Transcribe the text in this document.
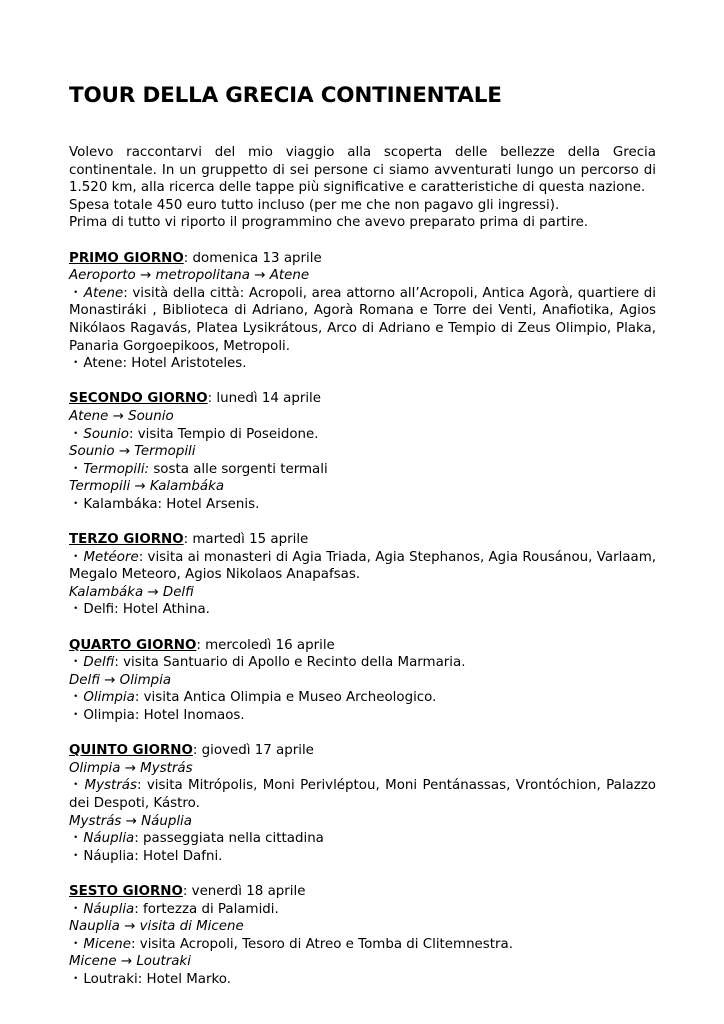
TOUR DELLA GRECIA CONTINENTALE

Volevo raccontarvi del mio viaggio alla scoperta delle bellezze della Grecia continentale. In un gruppetto di sei persone ci siamo avventurati lungo un percorso di 1.520 km, alla ricerca delle tappe più significative e caratteristiche di questa nazione.

Spesa totale 450 euro tutto incluso (per me che non pagavo gli ingressi).

Prima di tutto vi riporto il programmino che avevo preparato prima di partire.

PRIMO GIORNO: domenica 13 aprile

Aeroporto → metropolitana → Atene

・Atene: visità della città: Acropoli, area attorno all’Acropoli, Antica Agorà, quartiere di Monastiráki , Biblioteca di Adriano, Agorà Romana e Torre dei Venti, Anafiotika, Agios Nikólaos Ragavás, Platea Lysikrátous, Arco di Adriano e Tempio di Zeus Olimpio, Plaka, Panaria Gorgoepikoos, Metropoli.

・Atene: Hotel Aristoteles.

SECONDO GIORNO: lunedì 14 aprile

Atene → Sounio

・Sounio: visita Tempio di Poseidone.

Sounio → Termopili

・Termopili: sosta alle sorgenti termali

Termopili → Kalambáka

・Kalambáka: Hotel Arsenis.

TERZO GIORNO: martedì 15 aprile

・Metéore: visita ai monasteri di Agia Triada, Agia Stephanos, Agia Rousánou, Varlaam, Megalo Meteoro, Agios Nikolaos Anapafsas.

Kalambáka → Delfi

・Delfi: Hotel Athina.

QUARTO GIORNO: mercoledì 16 aprile

・Delfi: visita Santuario di Apollo e Recinto della Marmaria.

Delfi → Olimpia

・Olimpia: visita Antica Olimpia e Museo Archeologico.

・Olimpia: Hotel Inomaos.

QUINTO GIORNO: giovedì 17 aprile

Olimpia → Mystrás

・Mystrás: visita Mitrópolis, Moni Perivléptou, Moni Pentánassas, Vrontóchion, Palazzo dei Despoti, Kástro.

Mystrás → Náuplia

・Náuplia: passeggiata nella cittadina

・Náuplia: Hotel Dafni.

SESTO GIORNO: venerdì 18 aprile

・Náuplia: fortezza di Palamidi.

Nauplia → visita di Micene

・Micene: visita Acropoli, Tesoro di Atreo e Tomba di Clitemnestra.

Micene → Loutraki

・Loutraki: Hotel Marko.
